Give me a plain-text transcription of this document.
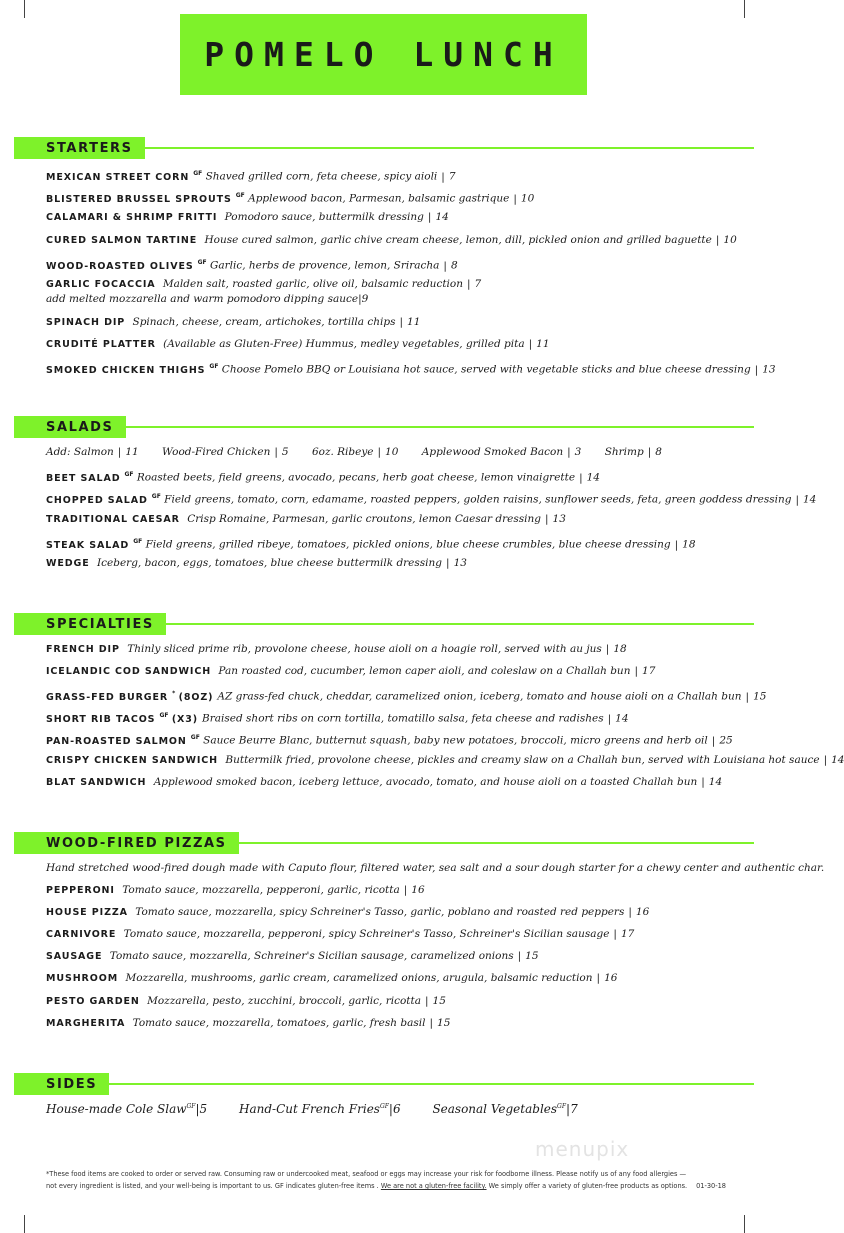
POMELO LUNCH
STARTERS
MEXICAN STREET CORN $^{GF}$ Shaved grilled corn, feta cheese, spicy aioli | 7
BLISTERED BRUSSEL SPROUTS $^{GF}$ Applewood bacon, Parmesan, balsamic gastrique | 10
CALAMARI & SHRIMP FRITTI Pomodoro sauce, buttermilk dressing | 14
CURED SALMON TARTINE House cured salmon, garlic chive cream cheese, lemon, dill, pickled onion and grilled baguette | 10
WOOD-ROASTED OLIVES $^{GF}$ Garlic, herbs de provence, lemon, Sriracha | 8
GARLIC FOCACCIA Malden salt, roasted garlic, olive oil, balsamic reduction | 7
add melted mozzarella and warm pomodoro dipping sauce|9
SPINACH DIP Spinach, cheese, cream, artichokes, tortilla chips | 11
CRUDITÉ PLATTER (Available as Gluten-Free) Hummus, medley vegetables, grilled pita | 11
SMOKED CHICKEN THIGHS $^{GF}$ Choose Pomelo BBQ or Louisiana hot sauce, served with vegetable sticks and blue cheese dressing | 13
SALADS
Add: Salmon | 11 Wood-Fired Chicken | 5 6oz. Ribeye | 10 Applewood Smoked Bacon | 3 Shrimp | 8
BEET SALAD $^{GF}$ Roasted beets, field greens, avocado, pecans, herb goat cheese, lemon vinaigrette | 14
CHOPPED SALAD $^{GF}$ Field greens, tomato, corn, edamame, roasted peppers, golden raisins, sunflower seeds, feta, green goddess dressing | 14
TRADITIONAL CAESAR Crisp Romaine, Parmesan, garlic croutons, lemon Caesar dressing | 13
STEAK SALAD $^{GF}$ Field greens, grilled ribeye, tomatoes, pickled onions, blue cheese crumbles, blue cheese dressing | 18
WEDGE Iceberg, bacon, eggs, tomatoes, blue cheese buttermilk dressing | 13
SPECIALTIES
FRENCH DIP Thinly sliced prime rib, provolone cheese, house aioli on a hoagie roll, served with au jus | 18
ICELANDIC COD SANDWICH Pan roasted cod, cucumber, lemon caper aioli, and coleslaw on a Challah bun | 17
GRASS-FED BURGER * (8OZ) AZ grass-fed chuck, cheddar, caramelized onion, iceberg, tomato and house aioli on a Challah bun | 15
SHORT RIB TACOS $^{GF}$ (X3) Braised short ribs on corn tortilla, tomatillo salsa, feta cheese and radishes | 14
PAN-ROASTED SALMON $^{GF}$ Sauce Beurre Blanc, butternut squash, baby new potatoes, broccoli, micro greens and herb oil | 25
CRISPY CHICKEN SANDWICH Buttermilk fried, provolone cheese, pickles and creamy slaw on a Challah bun, served with Louisiana hot sauce | 14
BLAT SANDWICH Applewood smoked bacon, iceberg lettuce, avocado, tomato, and house aioli on a toasted Challah bun | 14
WOOD-FIRED PIZZAS
Hand stretched wood-fired dough made with Caputo flour, filtered water, sea salt and a sour dough starter for a chewy center and authentic char.
PEPPERONI Tomato sauce, mozzarella, pepperoni, garlic, ricotta | 16
HOUSE PIZZA Tomato sauce, mozzarella, spicy Schreiner's Tasso, garlic, poblano and roasted red peppers | 16
CARNIVORE Tomato sauce, mozzarella, pepperoni, spicy Schreiner's Tasso, Schreiner's Sicilian sausage | 17
SAUSAGE Tomato sauce, mozzarella, Schreiner's Sicilian sausage, caramelized onions | 15
MUSHROOM Mozzarella, mushrooms, garlic cream, caramelized onions, arugula, balsamic reduction | 16
PESTO GARDEN Mozzarella, pesto, zucchini, broccoli, garlic, ricotta | 15
MARGHERITA Tomato sauce, mozzarella, tomatoes, garlic, fresh basil | 15
SIDES
House-made Cole Slaw$^{GF}$|5	Hand-Cut French Fries$^{GF}$|6	Seasonal Vegetables$^{GF}$|7
menupix
*These food items are cooked to order or served raw. Consuming raw or undercooked meat, seafood or eggs may increase your risk for foodborne illness. Please notify us of any food allergies —
not every ingredient is listed, and your well-being is important to us. GF indicates gluten-free items . We are not a gluten-free facility. We simply offer a variety of gluten-free products as options.	01-30-18
